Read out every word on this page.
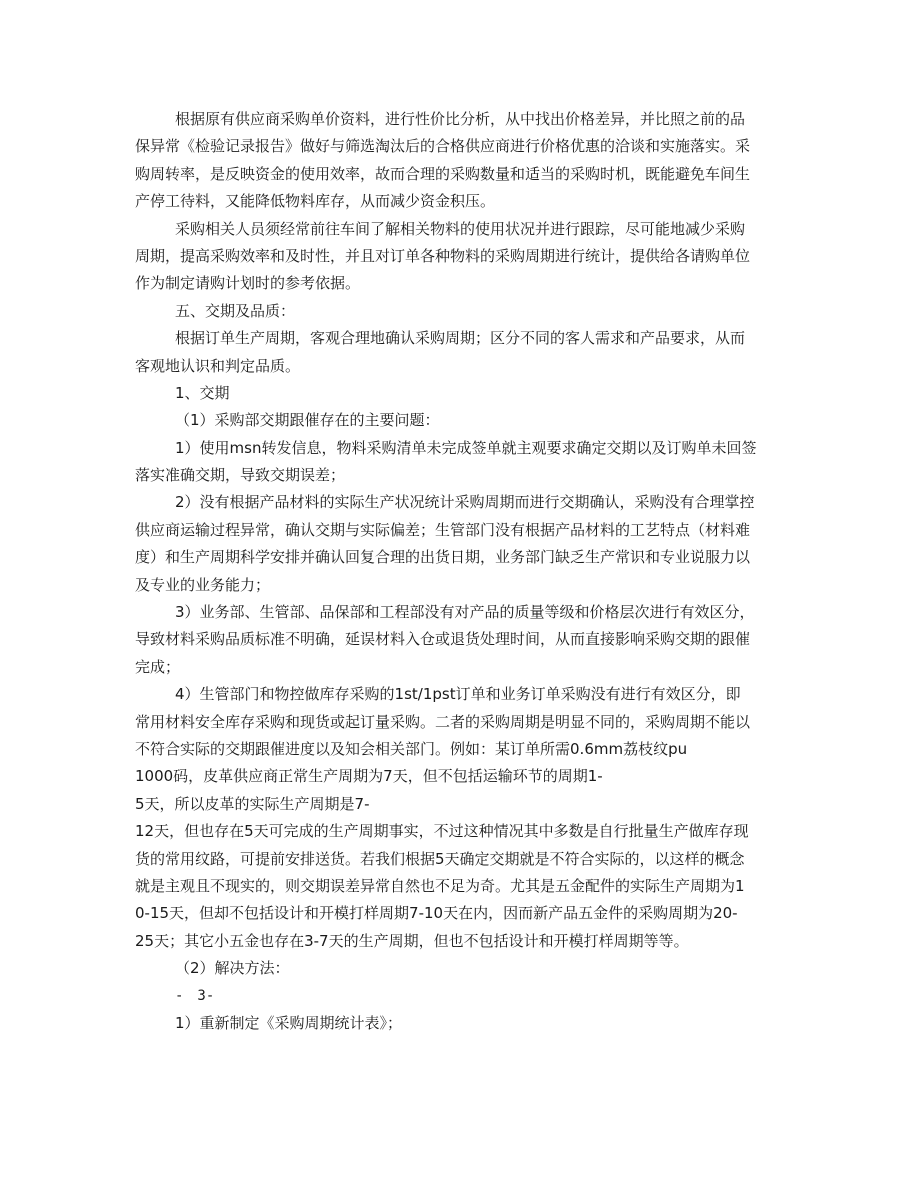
根据原有供应商采购单价资料，进行性价比分析，从中找出价格差异，并比照之前的品
保异常《检验记录报告》做好与筛选淘汰后的合格供应商进行价格优惠的洽谈和实施落实。采
购周转率，是反映资金的使用效率，故而合理的采购数量和适当的采购时机，既能避免车间生
产停工待料，又能降低物料库存，从而减少资金积压。
采购相关人员须经常前往车间了解相关物料的使用状况并进行跟踪，尽可能地减少采购
周期，提高采购效率和及时性，并且对订单各种物料的采购周期进行统计，提供给各请购单位
作为制定请购计划时的参考依据。
五、交期及品质：
根据订单生产周期，客观合理地确认采购周期；区分不同的客人需求和产品要求，从而
客观地认识和判定品质。
1、交期
（1）采购部交期跟催存在的主要问题：
1）使用msn转发信息，物料采购清单未完成签单就主观要求确定交期以及订购单未回签
落实准确交期，导致交期误差；
2）没有根据产品材料的实际生产状况统计采购周期而进行交期确认，采购没有合理掌控
供应商运输过程异常，确认交期与实际偏差；生管部门没有根据产品材料的工艺特点（材料难
度）和生产周期科学安排并确认回复合理的出货日期，业务部门缺乏生产常识和专业说服力以
及专业的业务能力；
3）业务部、生管部、品保部和工程部没有对产品的质量等级和价格层次进行有效区分，
导致材料采购品质标准不明确，延误材料入仓或退货处理时间，从而直接影响采购交期的跟催
完成；
4）生管部门和物控做库存采购的1st/1pst订单和业务订单采购没有进行有效区分，即
常用材料安全库存采购和现货或起订量采购。二者的采购周期是明显不同的，采购周期不能以
不符合实际的交期跟催进度以及知会相关部门。例如：某订单所需0.6mm荔枝纹pu
1000码，皮革供应商正常生产周期为7天，但不包括运输环节的周期1-
5天，所以皮革的实际生产周期是7-
12天，但也存在5天可完成的生产周期事实，不过这种情况其中多数是自行批量生产做库存现
货的常用纹路，可提前安排送货。若我们根据5天确定交期就是不符合实际的，以这样的概念
就是主观且不现实的，则交期误差异常自然也不足为奇。尤其是五金配件的实际生产周期为1
0-15天，但却不包括设计和开模打样周期7-10天在内，因而新产品五金件的采购周期为20-
25天；其它小五金也存在3-7天的生产周期，但也不包括设计和开模打样周期等等。
（2）解决方法：
-　3-
1）重新制定《采购周期统计表》；
